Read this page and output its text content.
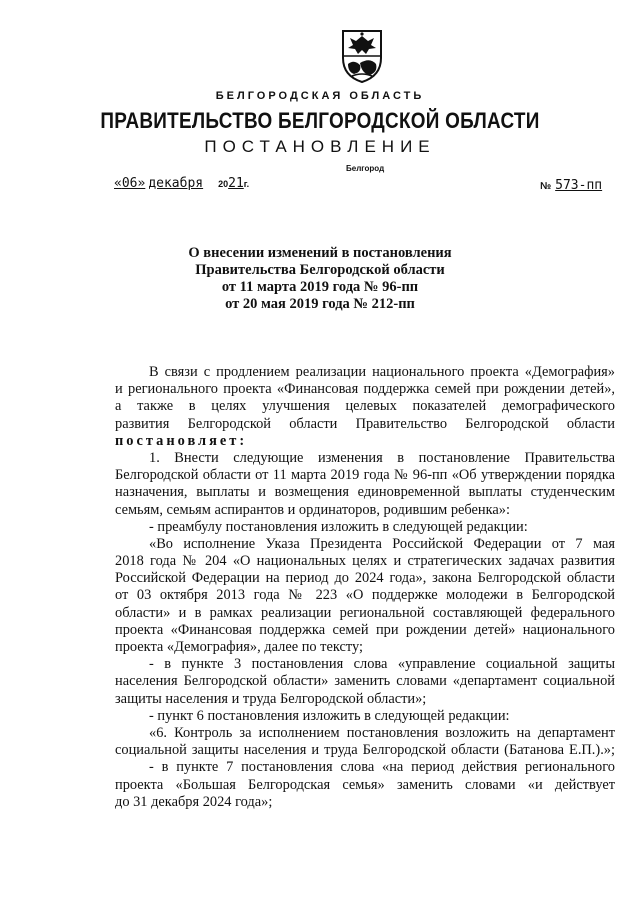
БЕЛГОРОДСКАЯ ОБЛАСТЬ
ПРАВИТЕЛЬСТВО БЕЛГОРОДСКОЙ ОБЛАСТИ
ПОСТАНОВЛЕНИЕ
Белгород
«06» декабря 2021г.	№ 573-пп
О внесении изменений в постановления
Правительства Белгородской области
от 11 марта 2019 года № 96-пп
от 20 мая 2019 года № 212-пп
В связи с продлением реализации национального проекта «Демография»
и регионального проекта «Финансовая поддержка семей при рождении детей»,
а также в целях улучшения целевых показателей демографического
развития Белгородской области Правительство Белгородской области
постановляет:
1. Внести следующие изменения в постановление Правительства
Белгородской области от 11 марта 2019 года № 96-пп «Об утверждении порядка
назначения, выплаты и возмещения единовременной выплаты студенческим
семьям, семьям аспирантов и ординаторов, родившим ребенка»:
- преамбулу постановления изложить в следующей редакции:
«Во исполнение Указа Президента Российской Федерации от 7 мая
2018 года № 204 «О национальных целях и стратегических задачах развития
Российской Федерации на период до 2024 года», закона Белгородской области
от 03 октября 2013 года № 223 «О поддержке молодежи в Белгородской
области» и в рамках реализации региональной составляющей федерального
проекта «Финансовая поддержка семей при рождении детей» национального
проекта «Демография», далее по тексту;
- в пункте 3 постановления слова «управление социальной защиты
населения Белгородской области» заменить словами «департамент социальной
защиты населения и труда Белгородской области»;
- пункт 6 постановления изложить в следующей редакции:
«6. Контроль за исполнением постановления возложить на департамент
социальной защиты населения и труда Белгородской области (Батанова Е.П.).»;
- в пункте 7 постановления слова «на период действия регионального
проекта «Большая Белгородская семья» заменить словами «и действует
до 31 декабря 2024 года»;
